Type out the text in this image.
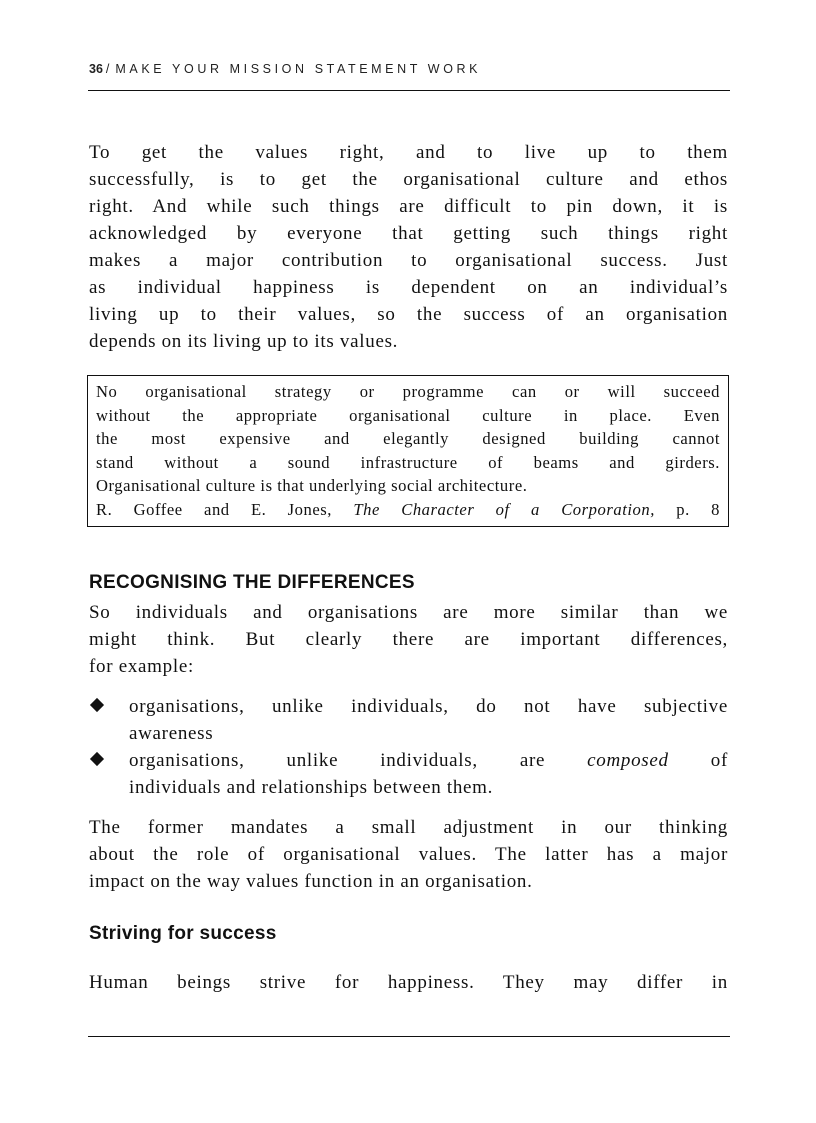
36 / MAKE YOUR MISSION STATEMENT WORK
To get the values right, and to live up to them
successfully, is to get the organisational culture and ethos
right. And while such things are difficult to pin down, it is
acknowledged by everyone that getting such things right
makes a major contribution to organisational success. Just
as individual happiness is dependent on an individual’s
living up to their values, so the success of an organisation
depends on its living up to its values.
No organisational strategy or programme can or will succeed
without the appropriate organisational culture in place. Even
the most expensive and elegantly designed building cannot
stand without a sound infrastructure of beams and girders.
Organisational culture is that underlying social architecture.
R. Goffee and E. Jones, The Character of a Corporation, p. 8
RECOGNISING THE DIFFERENCES
So individuals and organisations are more similar than we
might think. But clearly there are important differences,
for example:
organisations, unlike individuals, do not have subjective
awareness
organisations, unlike individuals, are composed of
individuals and relationships between them.
The former mandates a small adjustment in our thinking
about the role of organisational values. The latter has a major
impact on the way values function in an organisation.
Striving for success
Human beings strive for happiness. They may differ in
